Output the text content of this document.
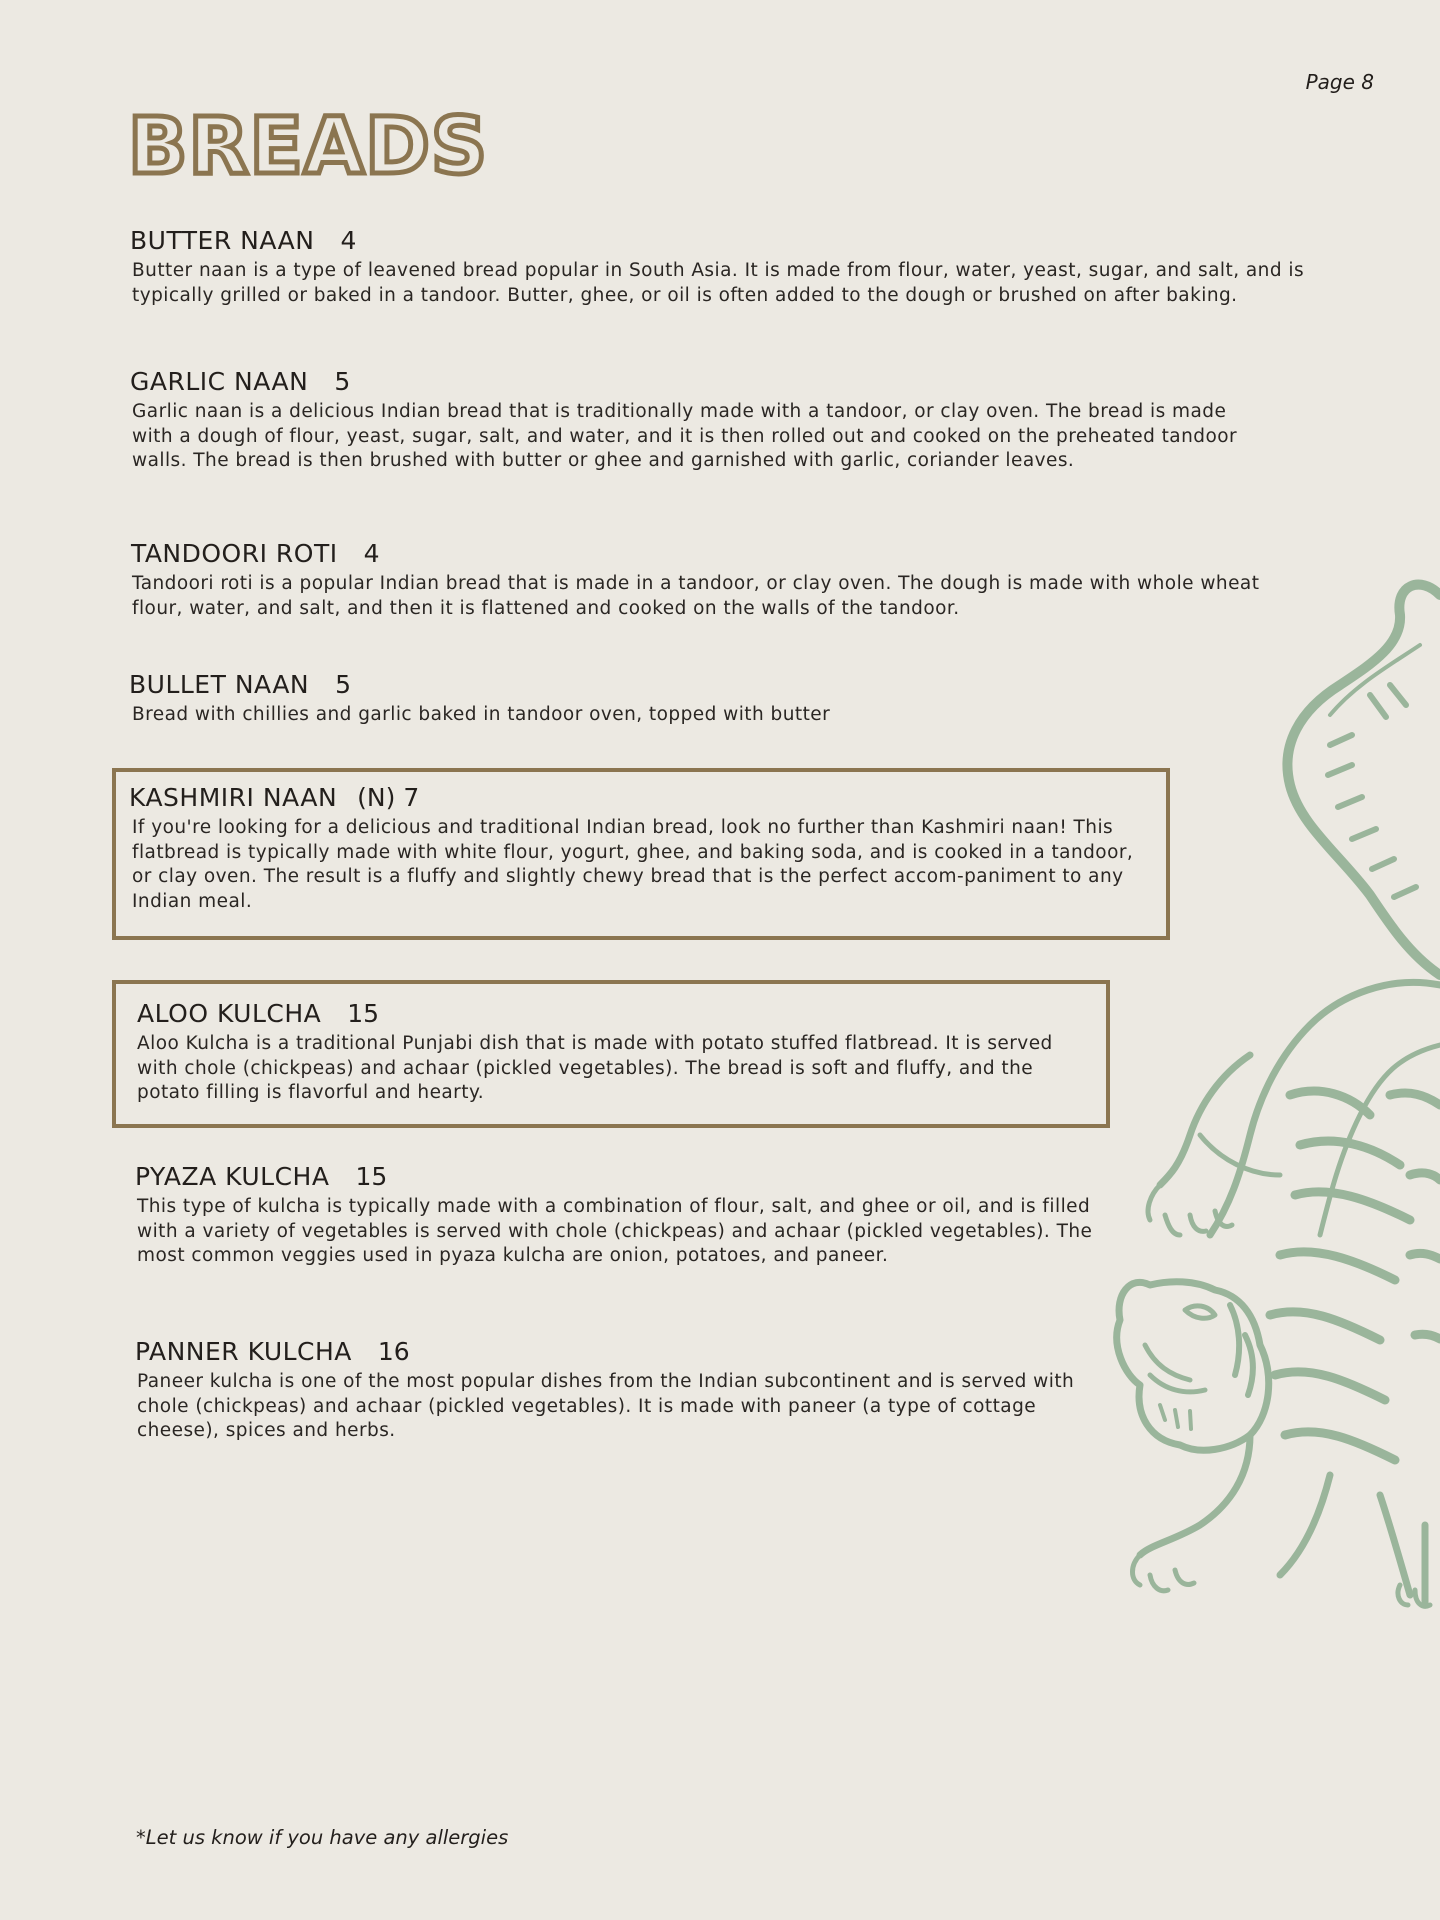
Page 8
BREADS
BUTTER NAAN 4
Butter naan is a type of leavened bread popular in South Asia. It is made from flour, water, yeast, sugar, and salt, and is typically grilled or baked in a tandoor. Butter, ghee, or oil is often added to the dough or brushed on after baking.
GARLIC NAAN 5
Garlic naan is a delicious Indian bread that is traditionally made with a tandoor, or clay oven. The bread is made with a dough of flour, yeast, sugar, salt, and water, and it is then rolled out and cooked on the preheated tandoor walls. The bread is then brushed with butter or ghee and garnished with garlic, coriander leaves.
TANDOORI ROTI 4
Tandoori roti is a popular Indian bread that is made in a tandoor, or clay oven. The dough is made with whole wheat flour, water, and salt, and then it is flattened and cooked on the walls of the tandoor.
BULLET NAAN 5
Bread with chillies and garlic baked in tandoor oven, topped with butter
KASHMIRI NAAN (N) 7
If you're looking for a delicious and traditional Indian bread, look no further than Kashmiri naan! This flatbread is typically made with white flour, yogurt, ghee, and baking soda, and is cooked in a tandoor, or clay oven. The result is a fluffy and slightly chewy bread that is the perfect accom-paniment to any Indian meal.
ALOO KULCHA 15
Aloo Kulcha is a traditional Punjabi dish that is made with potato stuffed flatbread. It is served with chole (chickpeas) and achaar (pickled vegetables). The bread is soft and fluffy, and the potato filling is flavorful and hearty.
PYAZA KULCHA 15
This type of kulcha is typically made with a combination of flour, salt, and ghee or oil, and is filled with a variety of vegetables is served with chole (chickpeas) and achaar (pickled vegetables). The most common veggies used in pyaza kulcha are onion, potatoes, and paneer.
PANNER KULCHA 16
Paneer kulcha is one of the most popular dishes from the Indian subcontinent and is served with chole (chickpeas) and achaar (pickled vegetables). It is made with paneer (a type of cottage cheese), spices and herbs.
*Let us know if you have any allergies
